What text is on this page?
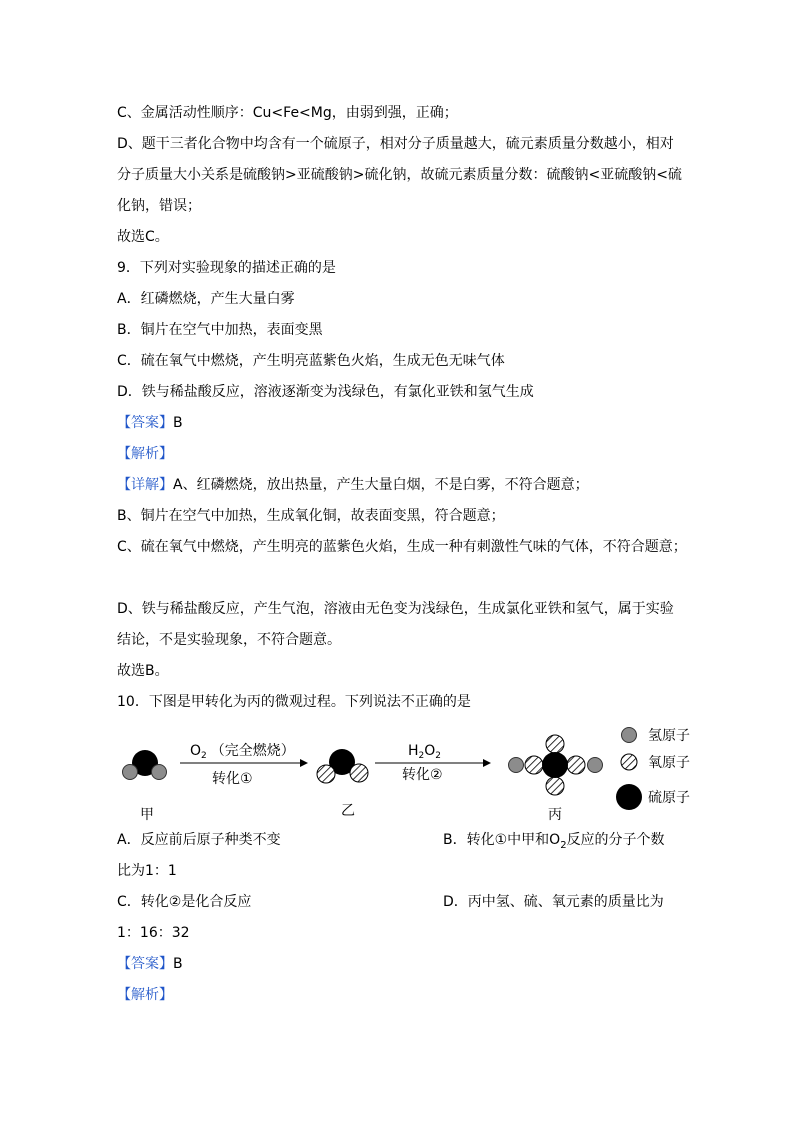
C、金属活动性顺序：Cu<Fe<Mg，由弱到强，正确；
D、题干三者化合物中均含有一个硫原子，相对分子质量越大，硫元素质量分数越小，相对
分子质量大小关系是硫酸钠>亚硫酸钠>硫化钠，故硫元素质量分数：硫酸钠<亚硫酸钠<硫
化钠，错误；
故选C。
9．下列对实验现象的描述正确的是
A．红磷燃烧，产生大量白雾
B．铜片在空气中加热，表面变黑
C．硫在氧气中燃烧，产生明亮蓝紫色火焰，生成无色无味气体
D．铁与稀盐酸反应，溶液逐渐变为浅绿色，有氯化亚铁和氢气生成
【答案】B
【解析】
【详解】A、红磷燃烧，放出热量，产生大量白烟，不是白雾，不符合题意；
B、铜片在空气中加热，生成氧化铜，故表面变黑，符合题意；
C、硫在氧气中燃烧，产生明亮的蓝紫色火焰，生成一种有刺激性气味的气体，不符合题意；
D、铁与稀盐酸反应，产生气泡，溶液由无色变为浅绿色，生成氯化亚铁和氢气，属于实验
结论，不是实验现象，不符合题意。
故选B。
10．下图是甲转化为丙的微观过程。下列说法不正确的是
$O_2$ （完全燃烧）
转化①
$H_2O_2$
转化②
甲	乙	丙
氢原子
氧原子
硫原子
A．反应前后原子种类不变	B．转化①中甲和$O_2$反应的分子个数
比为1：1
C．转化②是化合反应	D．丙中氢、硫、氧元素的质量比为
1：16：32
【答案】B
【解析】
